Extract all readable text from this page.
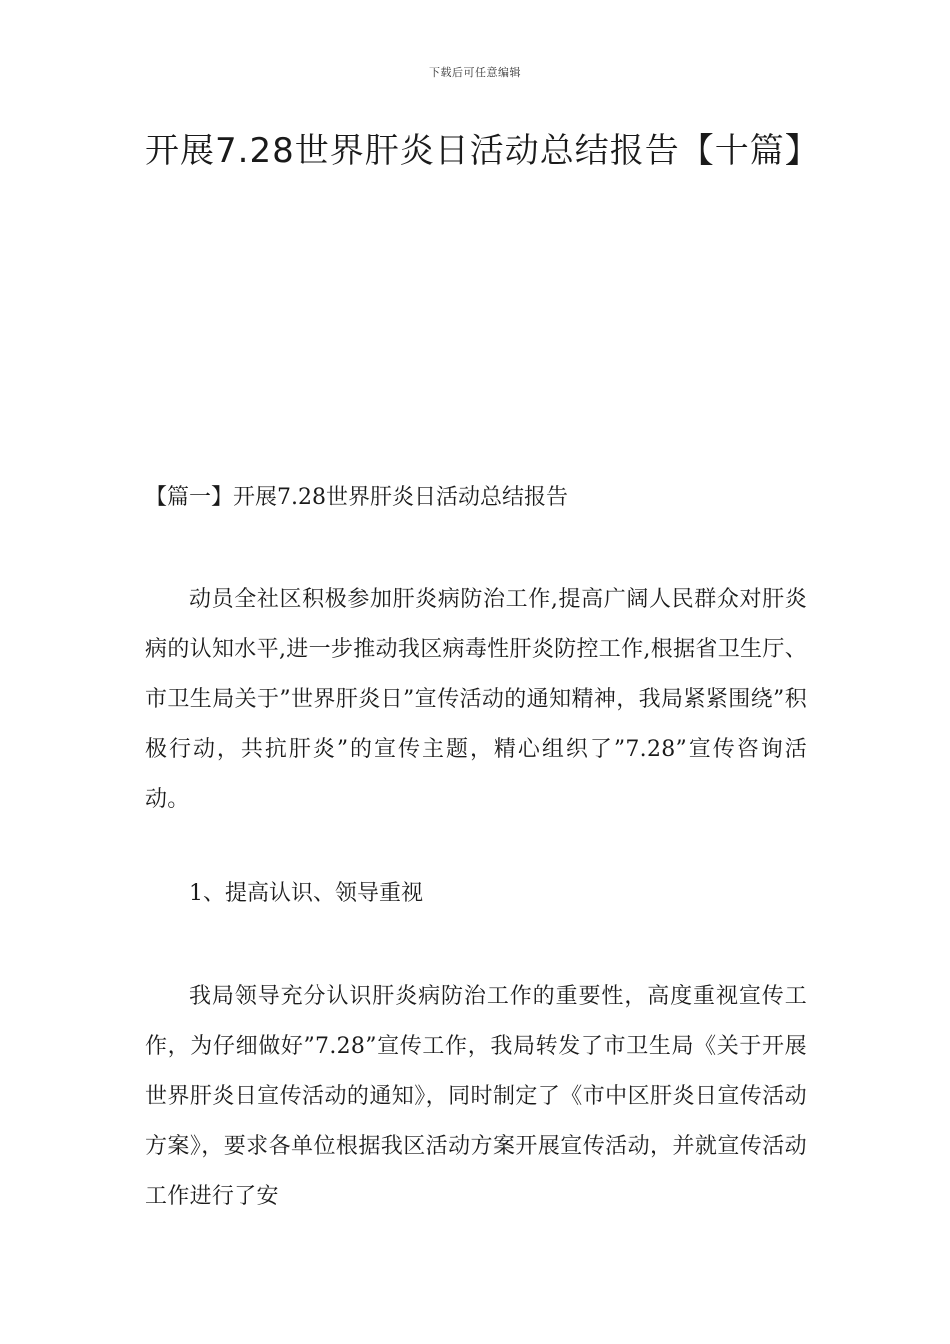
下载后可任意编辑
开展7.28世界肝炎日活动总结报告【十篇】
【篇一】开展7.28世界肝炎日活动总结报告

动员全社区积极参加肝炎病防治工作,提高广阔人民群众对肝炎病的认知水平,进一步推动我区病毒性肝炎防控工作,根据省卫生厅、市卫生局关于”世界肝炎日”宣传活动的通知精神，我局紧紧围绕”积极行动，共抗肝炎”的宣传主题，精心组织了”7.28”宣传咨询活动。

1、提高认识、领导重视

我局领导充分认识肝炎病防治工作的重要性，高度重视宣传工作，为仔细做好”7.28”宣传工作，我局转发了市卫生局《关于开展世界肝炎日宣传活动的通知》，同时制定了《市中区肝炎日宣传活动方案》，要求各单位根据我区活动方案开展宣传活动，并就宣传活动工作进行了安
